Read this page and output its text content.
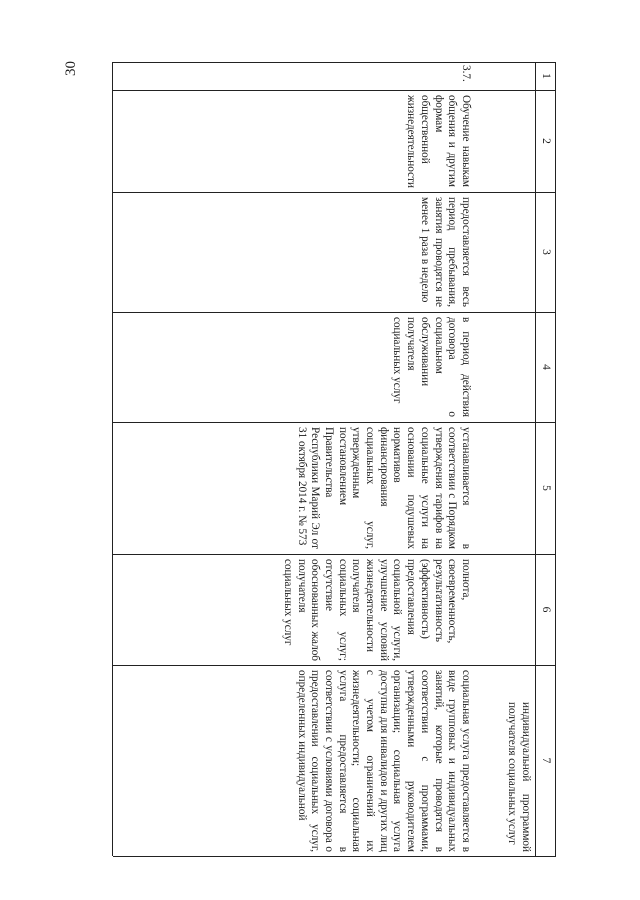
30	1
2
3
4
5
6
7
индивидуальной программой получателя социальных услуг
3.7.
Обучение навыкам общения и другим формам общественной жизнедеятельности
предоставляется весь период пребывания, занятия проводятся не менее 1 раза в неделю
в период действия договора о социальном обслуживании получателя социальных услуг
устанавливается в соответствии с Порядком утверждения тарифов на социальные услуги на основании подушевых нормативов финансирования социальных услуг, утвержденным постановлением Правительства Республики Марий Эл от 31 октября 2014 г. № 573
полнота, своевременность, результативность (эффективность) предоставления социальной услуги, улучшение условий жизнедеятельности получателя социальных услуг; отсутствие обоснованных жалоб получателя социальных услуг
социальная услуга предоставляется в виде групповых и индивидуальных занятий, которые проводятся в соответствии с программами, утвержденными руководителем организации; социальная услуга доступна для инвалидов и других лиц с учетом ограничений их жизнедеятельности; социальная услуга предоставляется в соответствии с условиями договора о предоставлении социальных услуг, определенных индивидуальной
